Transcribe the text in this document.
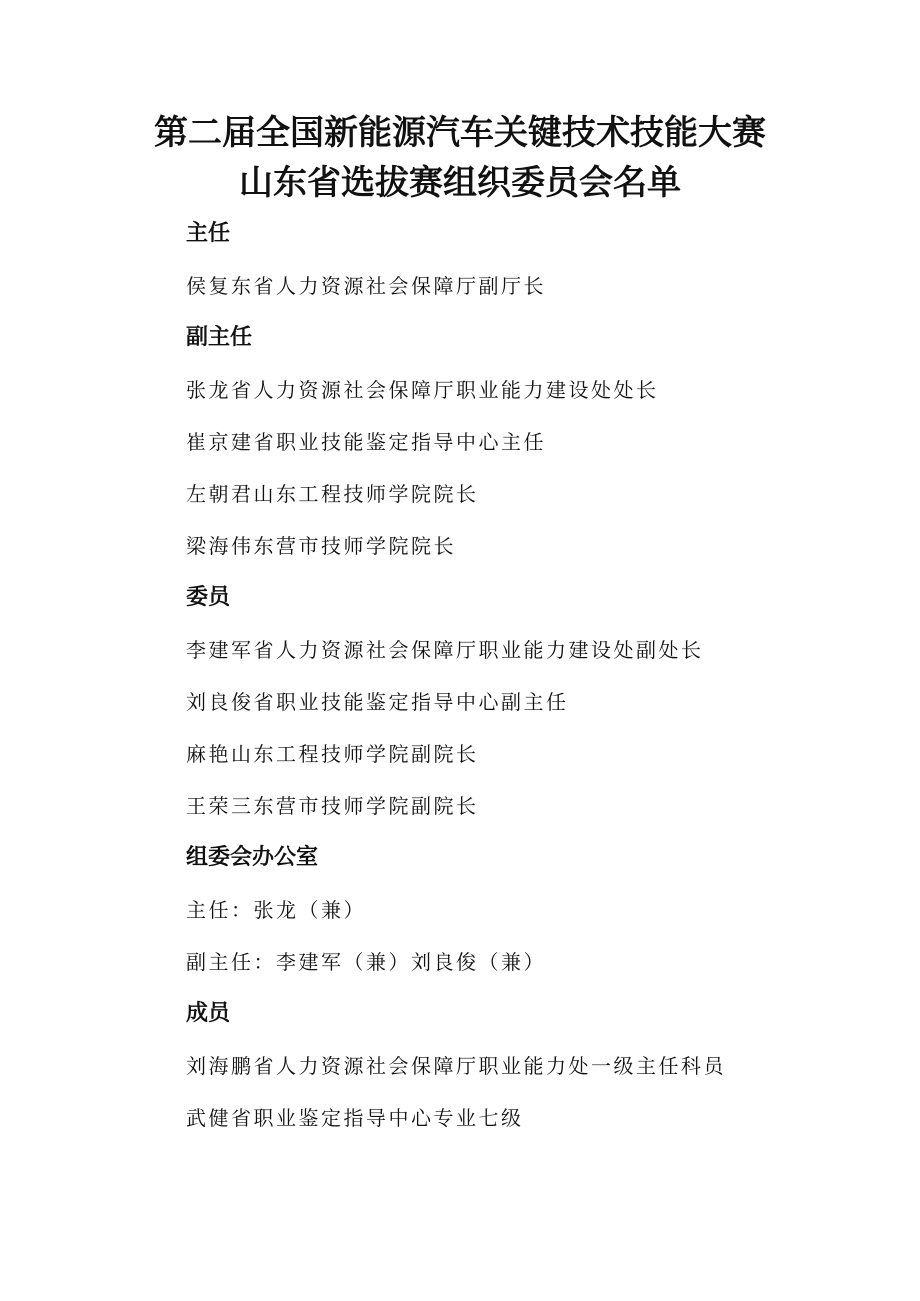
第二届全国新能源汽车关键技术技能大赛
山东省选拔赛组织委员会名单
主任
侯复东省人力资源社会保障厅副厅长
副主任
张龙省人力资源社会保障厅职业能力建设处处长
崔京建省职业技能鉴定指导中心主任
左朝君山东工程技师学院院长
梁海伟东营市技师学院院长
委员
李建军省人力资源社会保障厅职业能力建设处副处长
刘良俊省职业技能鉴定指导中心副主任
麻艳山东工程技师学院副院长
王荣三东营市技师学院副院长
组委会办公室
主任：张龙（兼）
副主任：李建军（兼）刘良俊（兼）
成员
刘海鹏省人力资源社会保障厅职业能力处一级主任科员
武健省职业鉴定指导中心专业七级
